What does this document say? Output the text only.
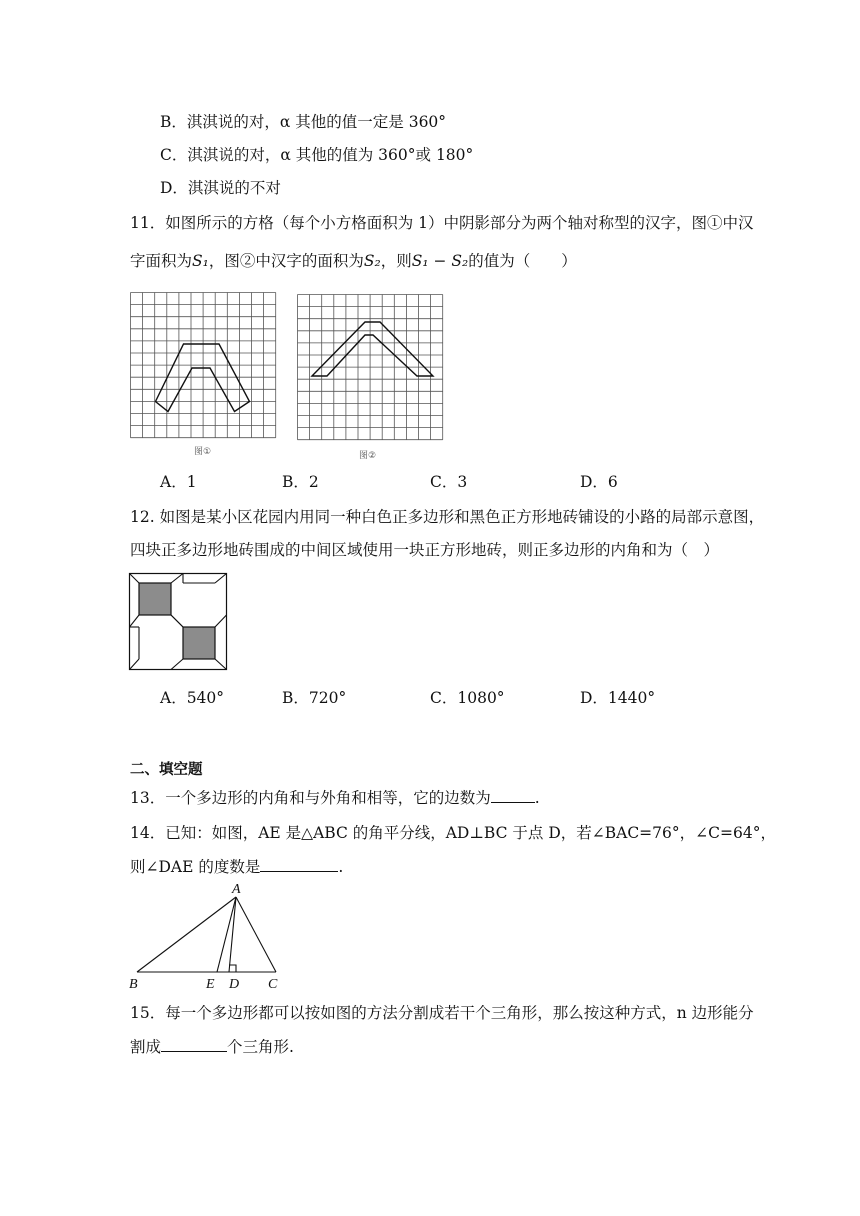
B．淇淇说的对，α 其他的值一定是 360°
C．淇淇说的对，α 其他的值为 360°或 180°
D．淇淇说的不对
11．如图所示的方格（每个小方格面积为 1）中阴影部分为两个轴对称型的汉字，图①中汉
字面积为S₁，图②中汉字的面积为S₂，则S₁ − S₂的值为（　　）
图①	图②
A．1	B．2	C．3	D．6
12. 如图是某小区花园内用同一种白色正多边形和黑色正方形地砖铺设的小路的局部示意图，
四块正多边形地砖围成的中间区域使用一块正方形地砖，则正多边形的内角和为（　）
A．540°	B．720°	C．1080°	D．1440°
二、填空题
13．一个多边形的内角和与外角和相等，它的边数为	.
14．已知：如图，AE 是△ABC 的角平分线，AD⊥BC 于点 D，若∠BAC=76°，∠C=64°，
则∠DAE 的度数是	.
A
B	E D C
15．每一个多边形都可以按如图的方法分割成若干个三角形，那么按这种方式，n 边形能分
割成	个三角形.
